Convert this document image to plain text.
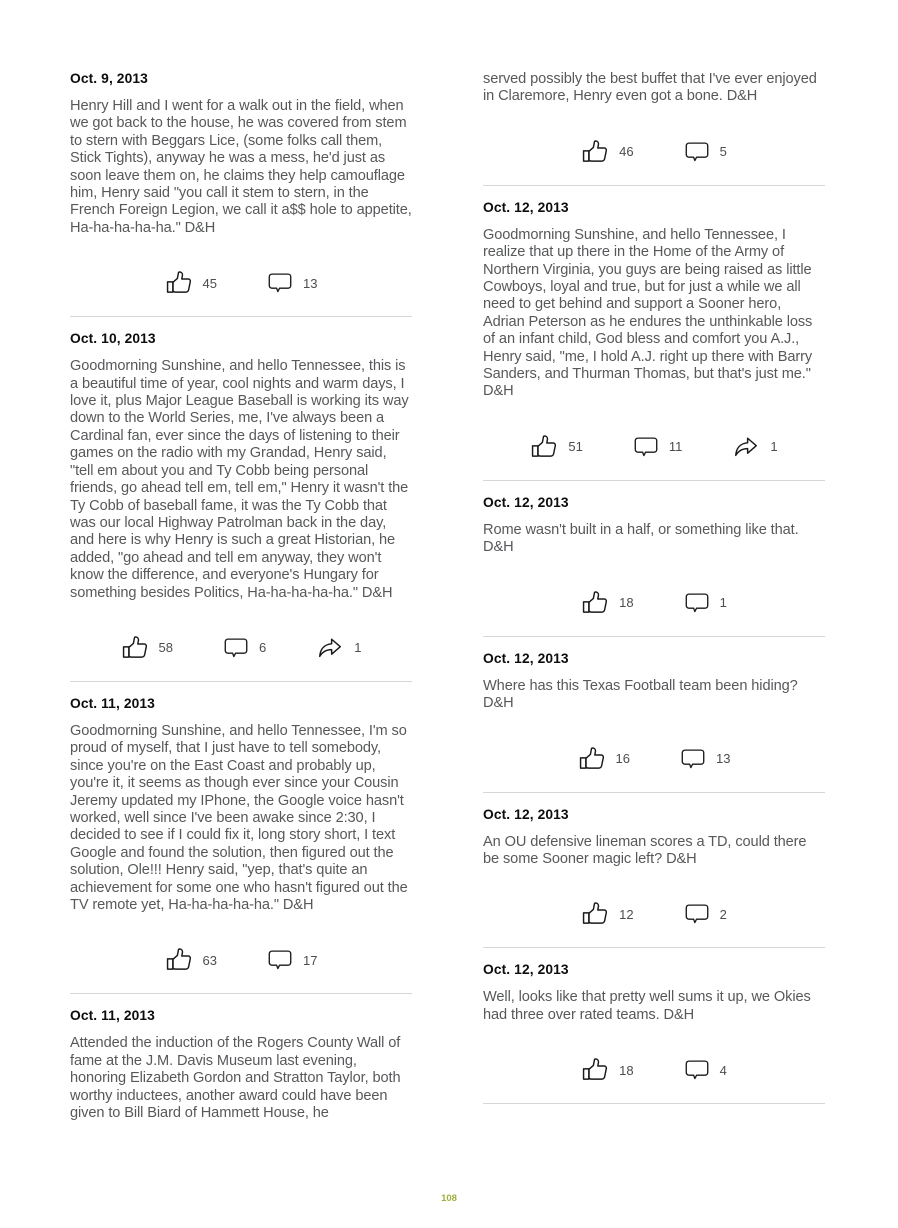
Oct. 9, 2013

Henry Hill and I went for a walk out in the field, when we got back to the house, he was covered from stem to stern with Beggars Lice, (some folks call them, Stick Tights), anyway he was a mess, he'd just as soon leave them on, he claims they help camouflage him, Henry said "you call it stem to stern, in the French Foreign Legion, we call it a$$ hole to appetite, Ha-ha-ha-ha-ha." D&H

45	13
Oct. 10, 2013

Goodmorning Sunshine, and hello Tennessee, this is a beautiful time of year, cool nights and warm days, I love it, plus Major League Baseball is working its way down to the World Series, me, I've always been a Cardinal fan, ever since the days of listening to their games on the radio with my Grandad, Henry said, "tell em about you and Ty Cobb being personal friends, go ahead tell em, tell em," Henry it wasn't the Ty Cobb of baseball fame, it was the Ty Cobb that was our local Highway Patrolman back in the day, and here is why Henry is such a great Historian, he added, "go ahead and tell em anyway, they won't know the difference, and everyone's Hungary for something besides Politics, Ha-ha-ha-ha-ha." D&H

58	6	1
Oct. 11, 2013

Goodmorning Sunshine, and hello Tennessee, I'm so proud of myself, that I just have to tell somebody, since you're on the East Coast and probably up, you're it, it seems as though ever since your Cousin Jeremy updated my IPhone, the Google voice hasn't worked, well since I've been awake since 2:30, I decided to see if I could fix it, long story short, I text Google and found the solution, then figured out the solution, Ole!!! Henry said, "yep, that's quite an achievement for some one who hasn't figured out the TV remote yet, Ha-ha-ha-ha-ha." D&H

63	17
Oct. 11, 2013

Attended the induction of the Rogers County Wall of fame at the J.M. Davis Museum last evening, honoring Elizabeth Gordon and Stratton Taylor, both worthy inductees, another award could have been given to Bill Biard of Hammett House, he

served possibly the best buffet that I've ever enjoyed in Claremore, Henry even got a bone. D&H

46	5
Oct. 12, 2013

Goodmorning Sunshine, and hello Tennessee, I realize that up there in the Home of the Army of Northern Virginia, you guys are being raised as little Cowboys, loyal and true, but for just a while we all need to get behind and support a Sooner hero, Adrian Peterson as he endures the unthinkable loss of an infant child, God bless and comfort you A.J., Henry said, "me, I hold A.J. right up there with Barry Sanders, and Thurman Thomas, but that's just me." D&H

51	11	1
Oct. 12, 2013

Rome wasn't built in a half, or something like that. D&H

18	1
Oct. 12, 2013

Where has this Texas Football team been hiding? D&H

16	13
Oct. 12, 2013

An OU defensive lineman scores a TD, could there be some Sooner magic left? D&H

12	2
Oct. 12, 2013

Well, looks like that pretty well sums it up, we Okies had three over rated teams. D&H

18	4
108
